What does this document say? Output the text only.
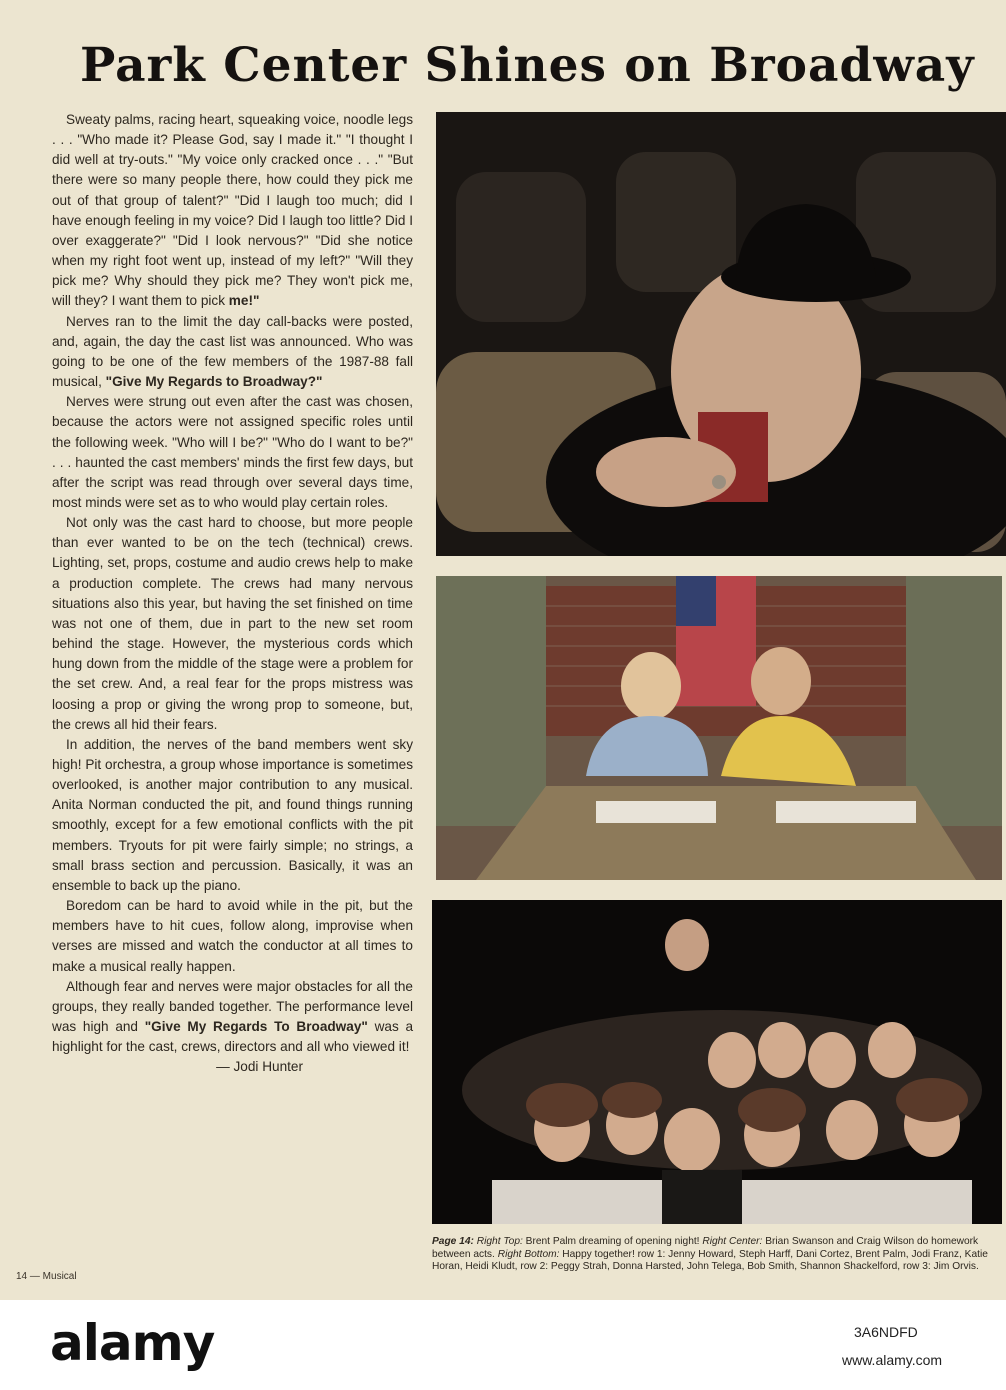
Park Center Shines on Broadway

Sweaty palms, racing heart, squeaking voice, noodle legs . . . "Who made it? Please God, say I made it." "I thought I did well at try-outs." "My voice only cracked once . . ." "But there were so many people there, how could they pick me out of that group of talent?" "Did I laugh too much; did I have enough feeling in my voice? Did I laugh too little? Did I over exaggerate?" "Did I look nervous?" "Did she notice when my right foot went up, instead of my left?" "Will they pick me? Why should they pick me? They won't pick me, will they? I want them to pick me!"

Nerves ran to the limit the day call-backs were posted, and, again, the day the cast list was announced. Who was going to be one of the few members of the 1987-88 fall musical, "Give My Regards to Broadway?"

Nerves were strung out even after the cast was chosen, because the actors were not assigned specific roles until the following week. "Who will I be?" "Who do I want to be?" . . . haunted the cast members' minds the first few days, but after the script was read through over several days time, most minds were set as to who would play certain roles.

Not only was the cast hard to choose, but more people than ever wanted to be on the tech (technical) crews. Lighting, set, props, costume and audio crews help to make a production complete. The crews had many nervous situations also this year, but having the set finished on time was not one of them, due in part to the new set room behind the stage. However, the mysterious cords which hung down from the middle of the stage were a problem for the set crew. And, a real fear for the props mistress was loosing a prop or giving the wrong prop to someone, but, the crews all hid their fears.

In addition, the nerves of the band members went sky high! Pit orchestra, a group whose importance is sometimes overlooked, is another major contribution to any musical. Anita Norman conducted the pit, and found things running smoothly, except for a few emotional conflicts with the pit members. Tryouts for pit were fairly simple; no strings, a small brass section and percussion. Basically, it was an ensemble to back up the piano.

Boredom can be hard to avoid while in the pit, but the members have to hit cues, follow along, improvise when verses are missed and watch the conductor at all times to make a musical really happen.

Although fear and nerves were major obstacles for all the groups, they really banded together. The performance level was high and "Give My Regards To Broadway" was a highlight for the cast, crews, directors and all who viewed it!

— Jodi Hunter

14 — Musical
Page 14: Right Top: Brent Palm dreaming of opening night! Right Center: Brian Swanson and Craig Wilson do homework between acts. Right Bottom: Happy together! row 1: Jenny Howard, Steph Harff, Dani Cortez, Brent Palm, Jodi Franz, Katie Horan, Heidi Kludt, row 2: Peggy Strah, Donna Harsted, John Telega, Bob Smith, Shannon Shackelford, row 3: Jim Orvis.
alamy	3A6NDFD
www.alamy.com
